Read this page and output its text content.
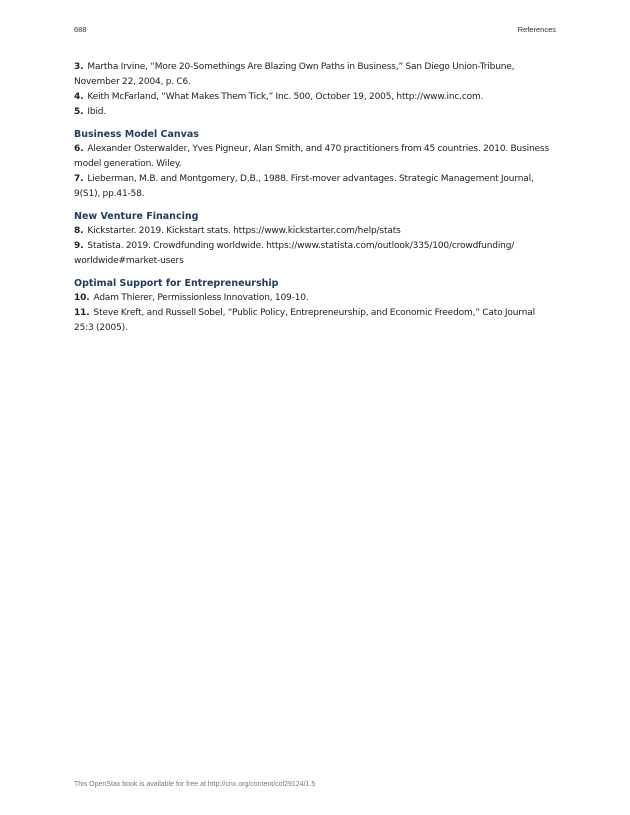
688	References
3. Martha Irvine, “More 20-Somethings Are Blazing Own Paths in Business,” San Diego Union-Tribune, November 22, 2004, p. C6.
4. Keith McFarland, “What Makes Them Tick,” Inc. 500, October 19, 2005, http://www.inc.com.
5. Ibid.
Business Model Canvas
6. Alexander Osterwalder, Yves Pigneur, Alan Smith, and 470 practitioners from 45 countries. 2010. Business model generation. Wiley.
7. Lieberman, M.B. and Montgomery, D.B., 1988. First-mover advantages. Strategic Management Journal, 9(S1), pp.41-58.
New Venture Financing
8. Kickstarter. 2019. Kickstart stats. https://www.kickstarter.com/help/stats
9. Statista. 2019. Crowdfunding worldwide. https://www.statista.com/outlook/335/100/crowdfunding/ worldwide#market-users
Optimal Support for Entrepreneurship
10. Adam Thierer, Permissionless Innovation, 109-10.
11. Steve Kreft, and Russell Sobel, “Public Policy, Entrepreneurship, and Economic Freedom,” Cato Journal 25:3 (2005).
This OpenStax book is available for free at http://cnx.org/content/col29124/1.5
